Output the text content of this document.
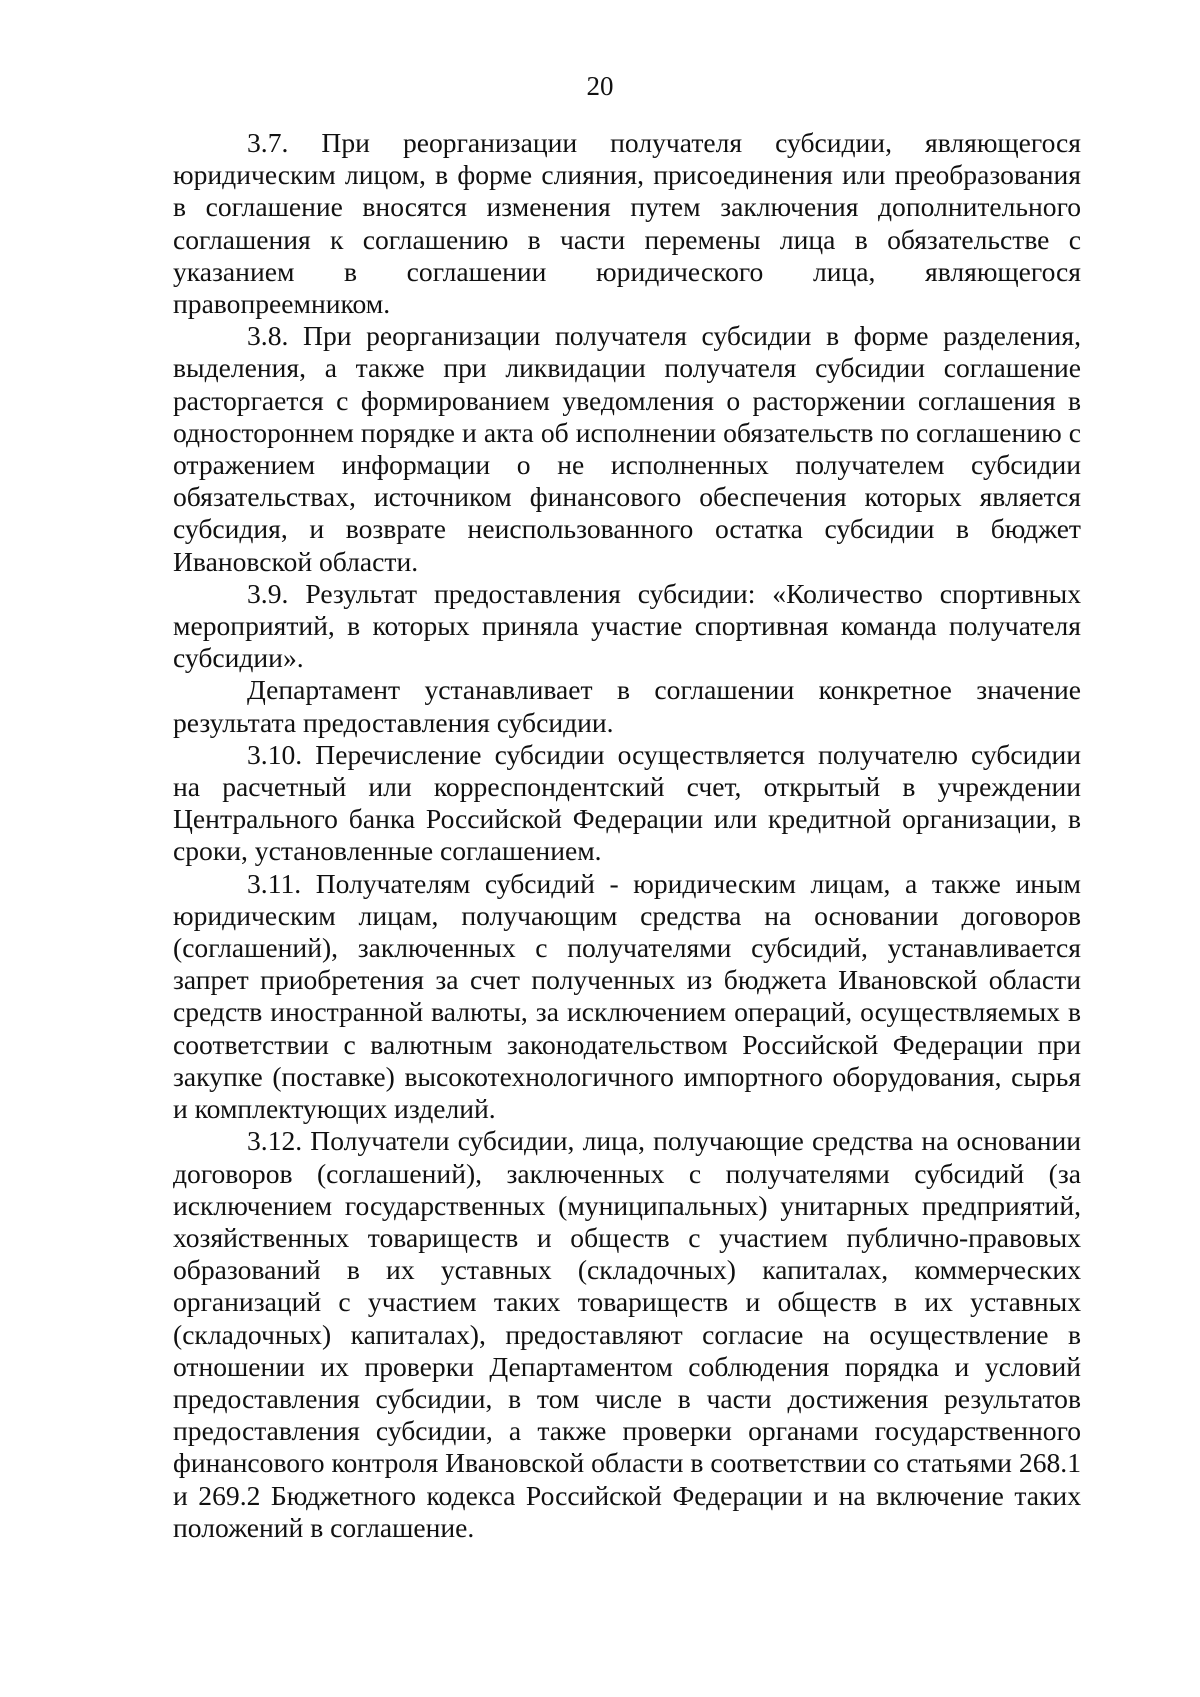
20

3.7. При реорганизации получателя субсидии, являющегося юридическим лицом, в форме слияния, присоединения или преобразования в соглашение вносятся изменения путем заключения дополнительного соглашения к соглашению в части перемены лица в обязательстве с указанием в соглашении юридического лица, являющегося правопреемником.

3.8. При реорганизации получателя субсидии в форме разделения, выделения, а также при ликвидации получателя субсидии соглашение расторгается с формированием уведомления о расторжении соглашения в одностороннем порядке и акта об исполнении обязательств по соглашению с отражением информации о не исполненных получателем субсидии обязательствах, источником финансового обеспечения которых является субсидия, и возврате неиспользованного остатка субсидии в бюджет Ивановской области.

3.9. Результат предоставления субсидии: «Количество спортивных мероприятий, в которых приняла участие спортивная команда получателя субсидии».

Департамент устанавливает в соглашении конкретное значение результата предоставления субсидии.

3.10. Перечисление субсидии осуществляется получателю субсидии на расчетный или корреспондентский счет, открытый в учреждении Центрального банка Российской Федерации или кредитной организации, в сроки, установленные соглашением.

3.11. Получателям субсидий - юридическим лицам, а также иным юридическим лицам, получающим средства на основании договоров (соглашений), заключенных с получателями субсидий, устанавливается запрет приобретения за счет полученных из бюджета Ивановской области средств иностранной валюты, за исключением операций, осуществляемых в соответствии с валютным законодательством Российской Федерации при закупке (поставке) высокотехнологичного импортного оборудования, сырья и комплектующих изделий.

3.12. Получатели субсидии, лица, получающие средства на основании договоров (соглашений), заключенных с получателями субсидий (за исключением государственных (муниципальных) унитарных предприятий, хозяйственных товариществ и обществ с участием публично-правовых образований в их уставных (складочных) капиталах, коммерческих организаций с участием таких товариществ и обществ в их уставных (складочных) капиталах), предоставляют согласие на осуществление в отношении их проверки Департаментом соблюдения порядка и условий предоставления субсидии, в том числе в части достижения результатов предоставления субсидии, а также проверки органами государственного финансового контроля Ивановской области в соответствии со статьями 268.1 и 269.2 Бюджетного кодекса Российской Федерации и на включение таких положений в соглашение.
